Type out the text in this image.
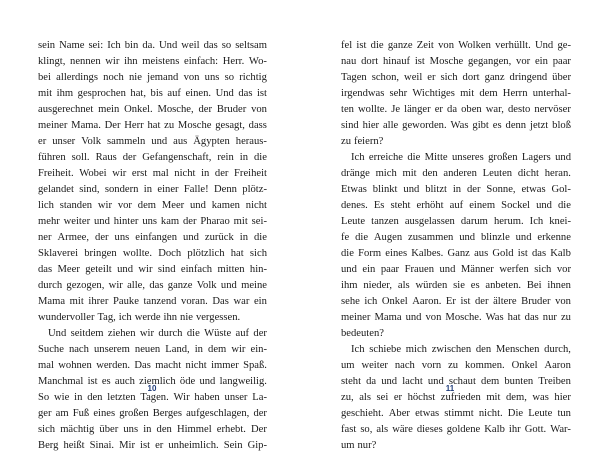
sein Name sei: Ich bin da. Und weil das so seltsam
klingt, nennen wir ihn meistens einfach: Herr. Wo-
bei allerdings noch nie jemand von uns so richtig
mit ihm gesprochen hat, bis auf einen. Und das ist
ausgerechnet mein Onkel. Mosche, der Bruder von
meiner Mama. Der Herr hat zu Mosche gesagt, dass
er unser Volk sammeln und aus Ägypten heraus-
führen soll. Raus der Gefangenschaft, rein in die
Freiheit. Wobei wir erst mal nicht in der Freiheit
gelandet sind, sondern in einer Falle! Denn plötz-
lich standen wir vor dem Meer und kamen nicht
mehr weiter und hinter uns kam der Pharao mit sei-
ner Armee, der uns einfangen und zurück in die
Sklaverei bringen wollte. Doch plötzlich hat sich
das Meer geteilt und wir sind einfach mitten hin-
durch gezogen, wir alle, das ganze Volk und meine
Mama mit ihrer Pauke tanzend voran. Das war ein
wundervoller Tag, ich werde ihn nie vergessen.
Und seitdem ziehen wir durch die Wüste auf der
Suche nach unserem neuen Land, in dem wir ein-
mal wohnen werden. Das macht nicht immer Spaß.
Manchmal ist es auch ziemlich öde und langweilig.
So wie in den letzten Tagen. Wir haben unser La-
ger am Fuß eines großen Berges aufgeschlagen, der
sich mächtig über uns in den Himmel erhebt. Der
Berg heißt Sinai. Mir ist er unheimlich. Sein Gip-
10
fel ist die ganze Zeit von Wolken verhüllt. Und ge-
nau dort hinauf ist Mosche gegangen, vor ein paar
Tagen schon, weil er sich dort ganz dringend über
irgendwas sehr Wichtiges mit dem Herrn unterhal-
ten wollte. Je länger er da oben war, desto nervöser
sind hier alle geworden. Was gibt es denn jetzt bloß
zu feiern?
Ich erreiche die Mitte unseres großen Lagers und
dränge mich mit den anderen Leuten dicht heran.
Etwas blinkt und blitzt in der Sonne, etwas Gol-
denes. Es steht erhöht auf einem Sockel und die
Leute tanzen ausgelassen darum herum. Ich knei-
fe die Augen zusammen und blinzle und erkenne
die Form eines Kalbes. Ganz aus Gold ist das Kalb
und ein paar Frauen und Männer werfen sich vor
ihm nieder, als würden sie es anbeten. Bei ihnen
sehe ich Onkel Aaron. Er ist der ältere Bruder von
meiner Mama und von Mosche. Was hat das nur zu
bedeuten?
Ich schiebe mich zwischen den Menschen durch,
um weiter nach vorn zu kommen. Onkel Aaron
steht da und lacht und schaut dem bunten Treiben
zu, als sei er höchst zufrieden mit dem, was hier
geschieht. Aber etwas stimmt nicht. Die Leute tun
fast so, als wäre dieses goldene Kalb ihr Gott. War-
um nur?
11
